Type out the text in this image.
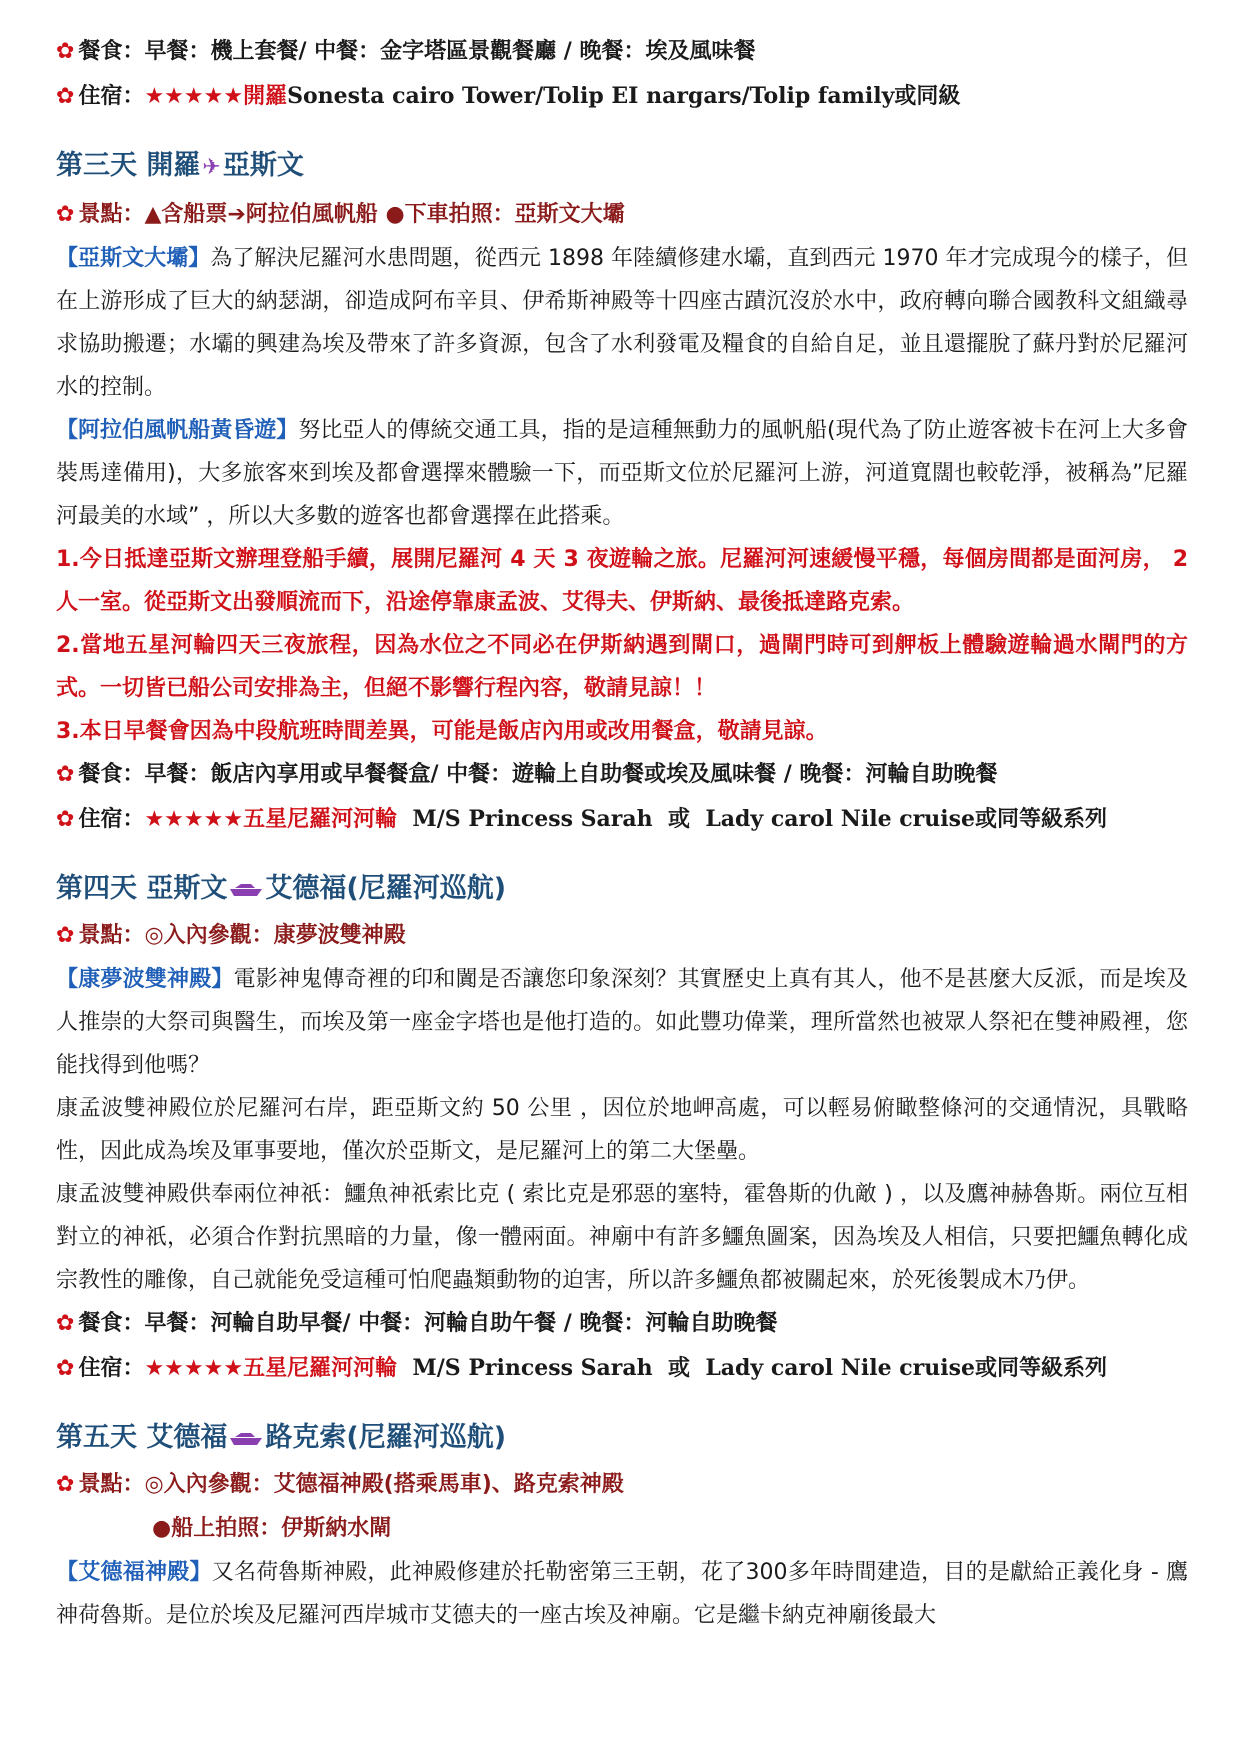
✿ 餐食：早餐：機上套餐/ 中餐：金字塔區景觀餐廳 / 晚餐：埃及風味餐
✿ 住宿：★★★★★開羅Sonesta cairo Tower/Tolip EI nargars/Tolip family或同級
第三天 開羅✈亞斯文
✿ 景點：▲含船票➔阿拉伯風帆船 ●下車拍照：亞斯文大壩

【亞斯文大壩】為了解決尼羅河水患問題，從西元 1898 年陸續修建水壩，直到西元 1970 年才完成現今的樣子，但在上游形成了巨大的納瑟湖，卻造成阿布辛貝、伊希斯神殿等十四座古蹟沉沒於水中，政府轉向聯合國教科文組織尋求協助搬遷；水壩的興建為埃及帶來了許多資源，包含了水利發電及糧食的自給自足，並且還擺脫了蘇丹對於尼羅河水的控制。

【阿拉伯風帆船黃昏遊】努比亞人的傳統交通工具，指的是這種無動力的風帆船(現代為了防止遊客被卡在河上大多會裝馬達備用)，大多旅客來到埃及都會選擇來體驗一下，而亞斯文位於尼羅河上游，河道寬闊也較乾淨，被稱為”尼羅河最美的水域” ，所以大多數的遊客也都會選擇在此搭乘。

1.今日抵達亞斯文辦理登船手續，展開尼羅河 4 天 3 夜遊輪之旅。尼羅河河速緩慢平穩，每個房間都是面河房， 2 人一室。從亞斯文出發順流而下，沿途停靠康孟波、艾得夫、伊斯納、最後抵達路克索。

2.當地五星河輪四天三夜旅程，因為水位之不同必在伊斯納遇到閘口，過閘門時可到舺板上體驗遊輪過水閘門的方式。一切皆已船公司安排為主，但絕不影響行程內容，敬請見諒！！

3.本日早餐會因為中段航班時間差異，可能是飯店內用或改用餐盒，敬請見諒。

✿ 餐食：早餐：飯店內享用或早餐餐盒/ 中餐：遊輪上自助餐或埃及風味餐 / 晚餐：河輪自助晚餐
✿ 住宿：★★★★★五星尼羅河河輪 M/S Princess Sarah 或 Lady carol Nile cruise或同等級系列
第四天 亞斯文 艾德福(尼羅河巡航)
✿ 景點：◎入內參觀：康夢波雙神殿

【康夢波雙神殿】電影神鬼傳奇裡的印和闐是否讓您印象深刻？其實歷史上真有其人，他不是甚麼大反派，而是埃及人推崇的大祭司與醫生，而埃及第一座金字塔也是他打造的。如此豐功偉業，理所當然也被眾人祭祀在雙神殿裡，您能找得到他嗎？

康孟波雙神殿位於尼羅河右岸，距亞斯文約 50 公里 ，因位於地岬高處，可以輕易俯瞰整條河的交通情況，具戰略性，因此成為埃及軍事要地，僅次於亞斯文，是尼羅河上的第二大堡壘。

康孟波雙神殿供奉兩位神祇：鱷魚神祇索比克 ( 索比克是邪惡的塞特，霍魯斯的仇敵 ) ，以及鷹神赫魯斯。兩位互相對立的神祇，必須合作對抗黑暗的力量，像一體兩面。神廟中有許多鱷魚圖案，因為埃及人相信，只要把鱷魚轉化成宗教性的雕像，自己就能免受這種可怕爬蟲類動物的迫害，所以許多鱷魚都被關起來，於死後製成木乃伊。

✿ 餐食：早餐：河輪自助早餐/ 中餐：河輪自助午餐 / 晚餐：河輪自助晚餐
✿ 住宿：★★★★★五星尼羅河河輪 M/S Princess Sarah 或 Lady carol Nile cruise或同等級系列
第五天 艾德福 路克索(尼羅河巡航)
✿ 景點：◎入內參觀：艾德福神殿(搭乘馬車)、路克索神殿
●船上拍照：伊斯納水閘

【艾德福神殿】又名荷魯斯神殿，此神殿修建於托勒密第三王朝，花了300多年時間建造，目的是獻給正義化身 - 鷹神荷魯斯。是位於埃及尼羅河西岸城市艾德夫的一座古埃及神廟。它是繼卡納克神廟後最大
